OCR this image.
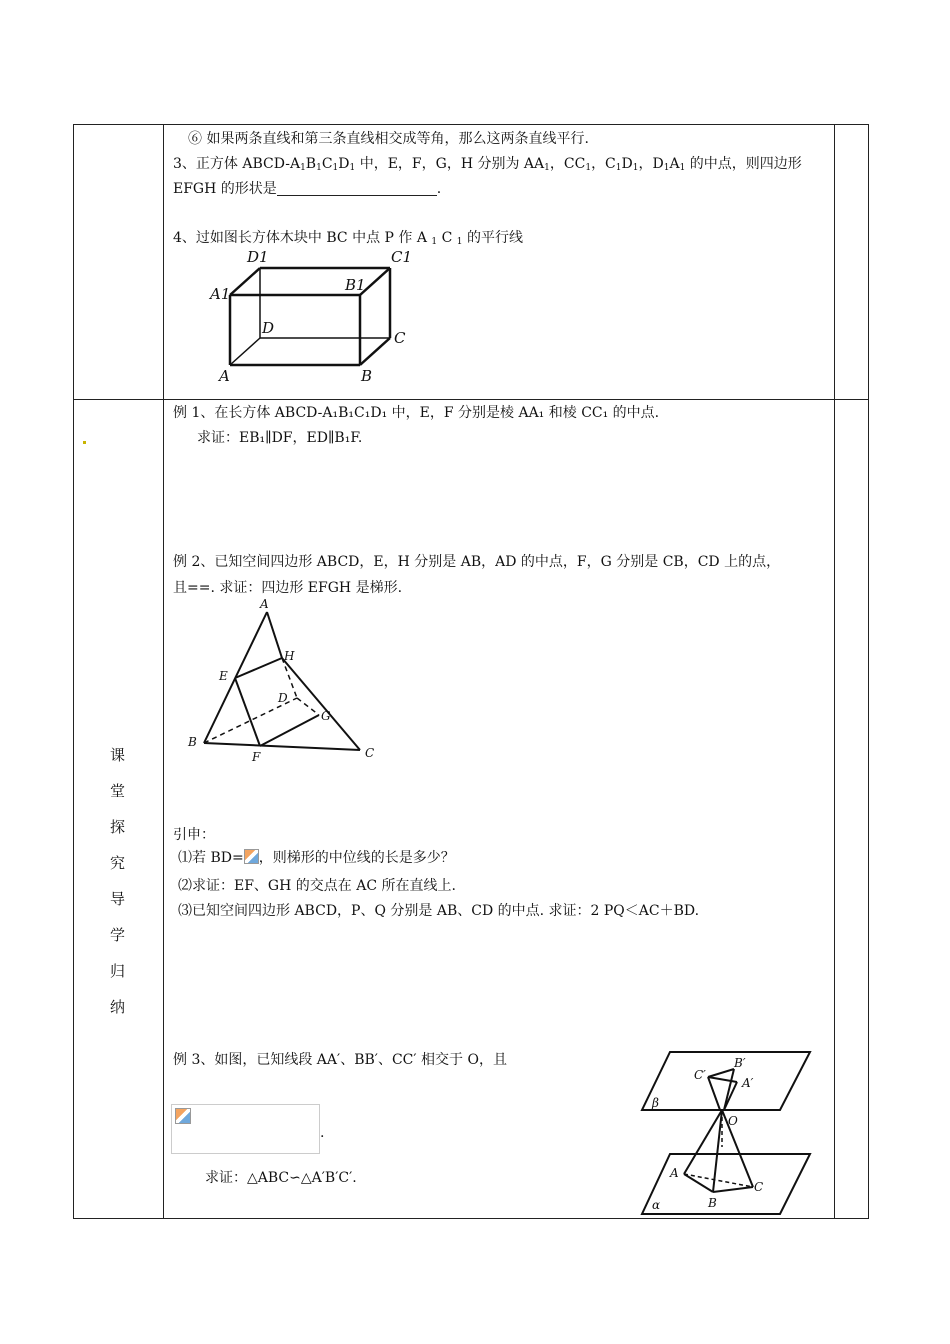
⑥ 如果两条直线和第三条直线相交成等角，那么这两条直线平行.
3、正方体 ABCD-$A_1B_1C_1D_1$ 中，E，F，G，H 分别为 $AA_1$，$CC_1$，$C_1D_1$，$D_1A_1$ 的中点，则四边形
EFGH 的形状是	.
4、过如图长方体木块中 BC 中点 P 作 A $_1$ C $_1$ 的平行线
D1	C1
A1	B1
D
C
A	B
课
堂
探
究
导
学
归
纳
例 1、在长方体 ABCD-A₁B₁C₁D₁ 中，E，F 分别是棱 AA₁ 和棱 CC₁ 的中点.
求证：EB₁∥DF，ED∥B₁F.
例 2、已知空间四边形 ABCD，E，H 分别是 AB，AD 的中点，F，G 分别是 CB，CD 上的点，
且==. 求证：四边形 EFGH 是梯形.
A
H
E
D
G
B
F	C
引申：
⑴若 BD= ，则梯形的中位线的长是多少？
⑵求证：EF、GH 的交点在 AC 所在直线上.
⑶已知空间四边形 ABCD，P、Q 分别是 AB、CD 的中点. 求证：2 PQ＜AC＋BD.
例 3、如图，已知线段 AA′、BB′、CC′ 相交于 O，且
.
求证：△ABC∽△A′B′C′.
C′
B′
A′
β
O
A
C
B
α
